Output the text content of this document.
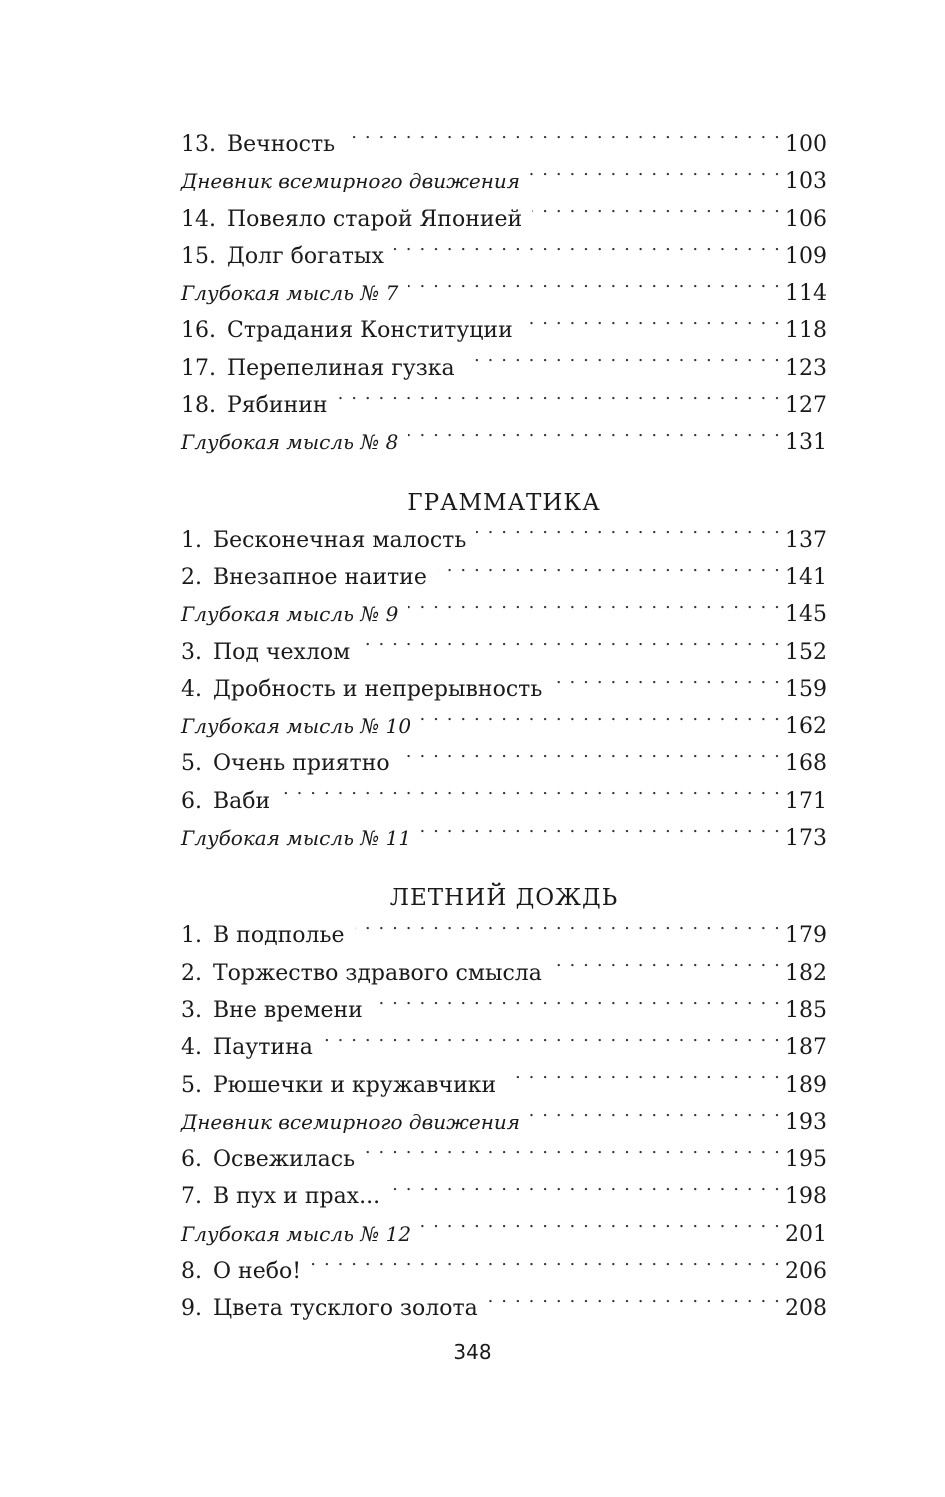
13. Вечность . . .	100
Дневник всемирного движения . . .	103
14. Повеяло старой Японией . . .	106
15. Долг богатых . . .	109
Глубокая мысль № 7 . . .	114
16. Страдания Конституции . . .	118
17. Перепелиная гузка . . .	123
18. Рябинин . . .	127
Глубокая мысль № 8 . . .	131
ГРАММАТИКА
1. Бесконечная малость . . .	137
2. Внезапное наитие . . .	141
Глубокая мысль № 9 . . .	145
3. Под чехлом . . .	152
4. Дробность и непрерывность . . .	159
Глубокая мысль № 10 . . .	162
5. Очень приятно . . .	168
6. Ваби . . .	171
Глубокая мысль № 11 . . .	173
ЛЕТНИЙ ДОЖДЬ
1. В подполье . . .	179
2. Торжество здравого смысла . . .	182
3. Вне времени . . .	185
4. Паутина . . .	187
5. Рюшечки и кружавчики . . .	189
Дневник всемирного движения . . .	193
6. Освежилась . . .	195
7. В пух и прах... . . .	198
Глубокая мысль № 12 . . .	201
8. О небо! . . .	206
9. Цвета тусклого золота . . .	208
348
